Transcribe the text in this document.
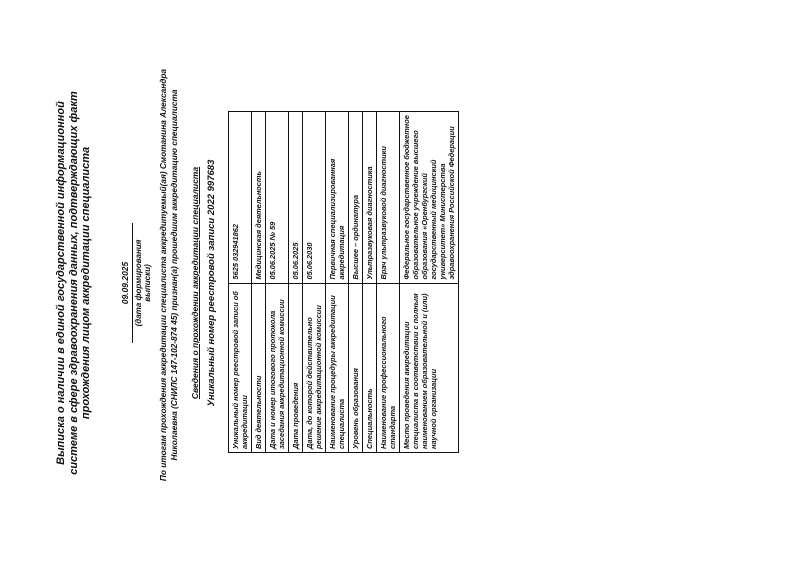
Выписка о наличии в единой государственной информационной системе в сфере здравоохранения данных, подтверждающих факт прохождения лицом аккредитации специалиста	09.09.2025 (дата формирования выписки) По итогам прохождения аккредитации специалиста аккредитуемый(ая) Смотанина Александра Николаевна (СНИЛС 147-102-874 45) признан(а) прошедшим аккредитацию специалиста Сведения о прохождении аккредитации специалиста Уникальный номер реестровой записи 2022 997683 Уникальный номер реестровой записи об аккредитации	5625 032941862
Вид деятельности	Медицинская деятельность
Дата и номер итогового протокола заседания аккредитационной комиссии	05.06.2025 № 59
Дата проведения	05.06.2025
Дата, до которой действительно решение аккредитационной комиссии	05.06.2030
Наименование процедуры аккредитации специалиста	Первичная специализированная аккредитация
Уровень образования	Высшее – ординатура
Специальность	Ультразвуковая диагностика
Наименование профессионального стандарта	Врач ультразвуковой диагностики
Место проведения аккредитации специалиста в соответствии с полным наименованием образовательной и (или) научной организации	Федеральное государственное бюджетное образовательное учреждение высшего образования «Оренбургский государственный медицинский университет» Министерства здравоохранения Российской Федерации
